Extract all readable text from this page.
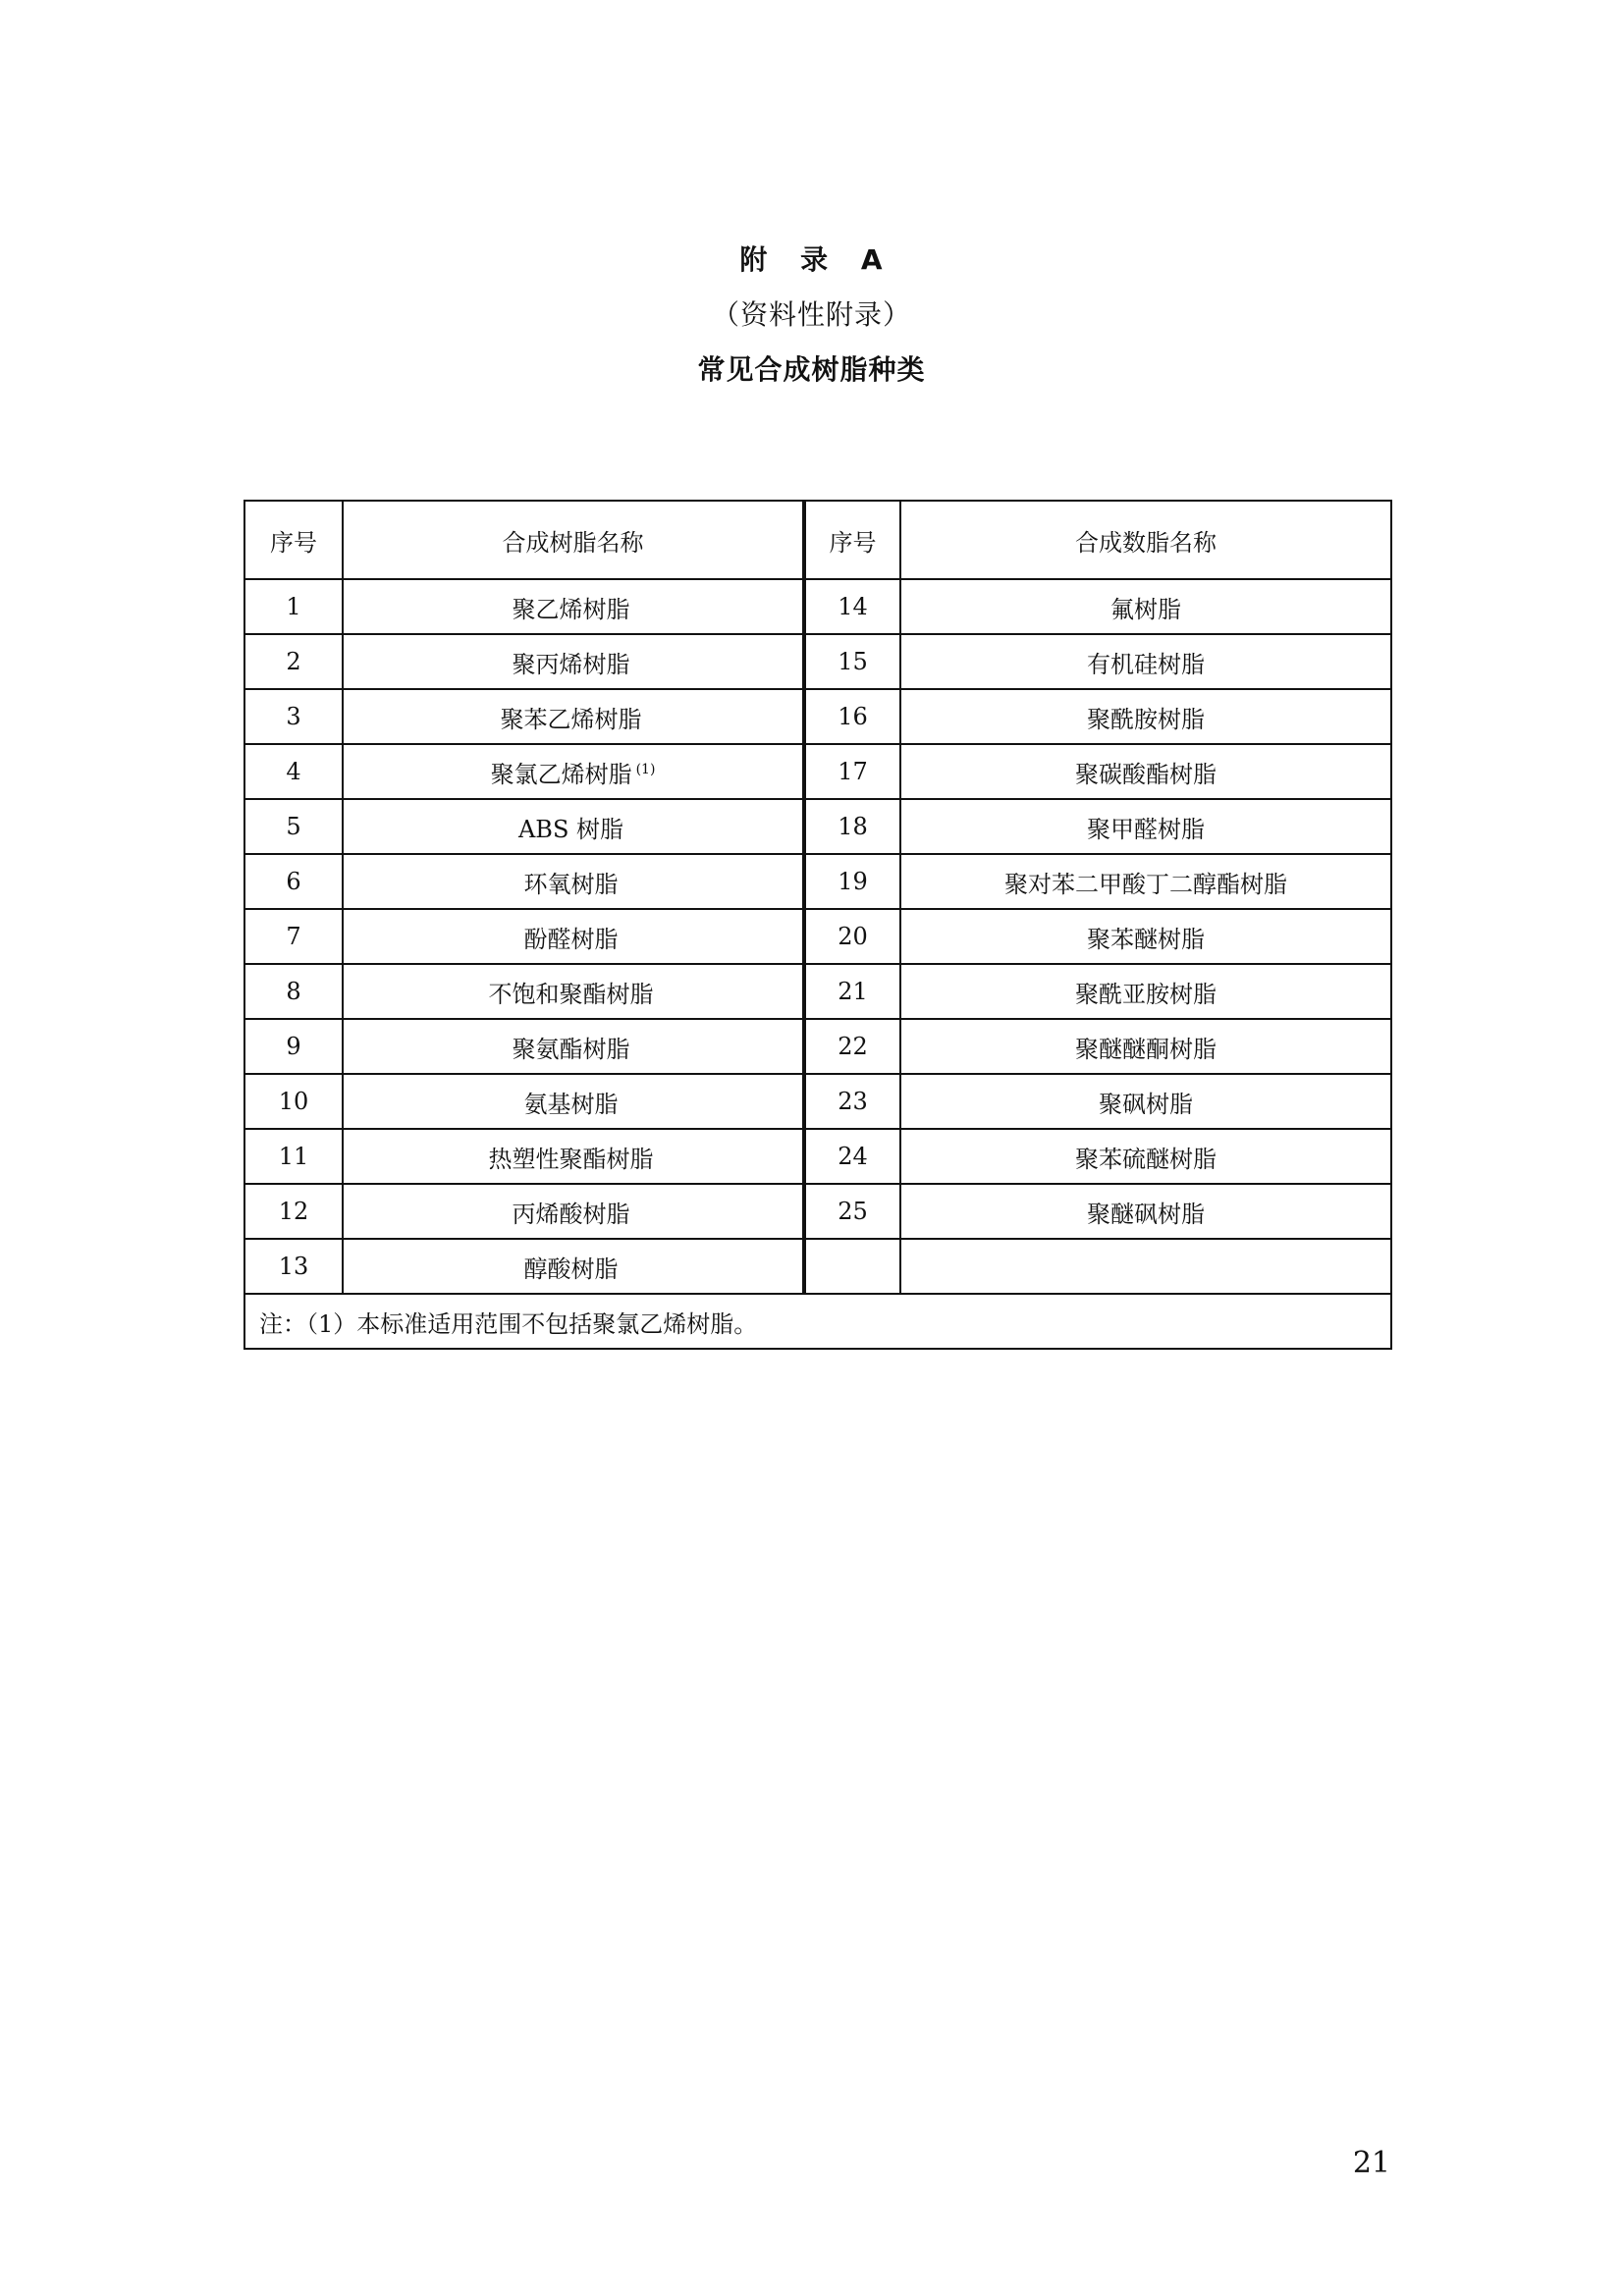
附 录 A
（资料性附录）
常见合成树脂种类
序号	合成树脂名称	序号	合成数脂名称
1	聚乙烯树脂	14	氟树脂
2	聚丙烯树脂	15	有机硅树脂
3	聚苯乙烯树脂	16	聚酰胺树脂
4	聚氯乙烯树脂 $^{(1)}$	17	聚碳酸酯树脂
5	ABS 树脂	18	聚甲醛树脂
6	环氧树脂	19	聚对苯二甲酸丁二醇酯树脂
7	酚醛树脂	20	聚苯醚树脂
8	不饱和聚酯树脂	21	聚酰亚胺树脂
9	聚氨酯树脂	22	聚醚醚酮树脂
10	氨基树脂	23	聚砜树脂
11	热塑性聚酯树脂	24	聚苯硫醚树脂
12	丙烯酸树脂	25	聚醚砜树脂
13	醇酸树脂		
注：（1）本标准适用范围不包括聚氯乙烯树脂。			
21
